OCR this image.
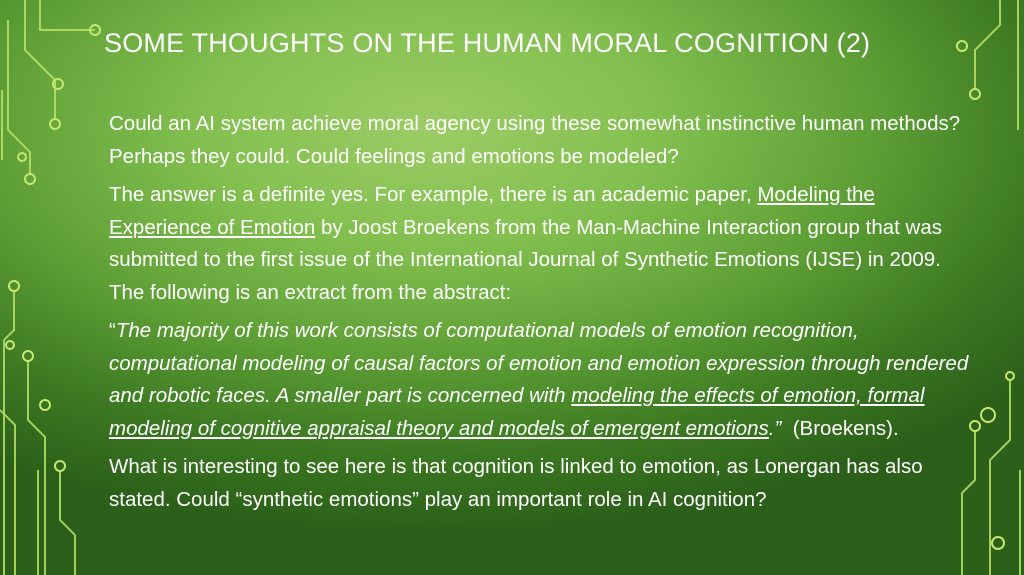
SOME THOUGHTS ON THE HUMAN MORAL COGNITION (2)

Could an AI system achieve moral agency using these somewhat instinctive human methods? Perhaps they could. Could feelings and emotions be modeled?

The answer is a definite yes. For example, there is an academic paper, Modeling the Experience of Emotion by Joost Broekens from the Man-Machine Interaction group that was submitted to the first issue of the International Journal of Synthetic Emotions (IJSE) in 2009. The following is an extract from the abstract:

“The majority of this work consists of computational models of emotion recognition, computational modeling of causal factors of emotion and emotion expression through rendered and robotic faces. A smaller part is concerned with modeling the effects of emotion, formal modeling of cognitive appraisal theory and models of emergent emotions.”  (Broekens).

What is interesting to see here is that cognition is linked to emotion, as Lonergan has also stated. Could “synthetic emotions” play an important role in AI cognition?
